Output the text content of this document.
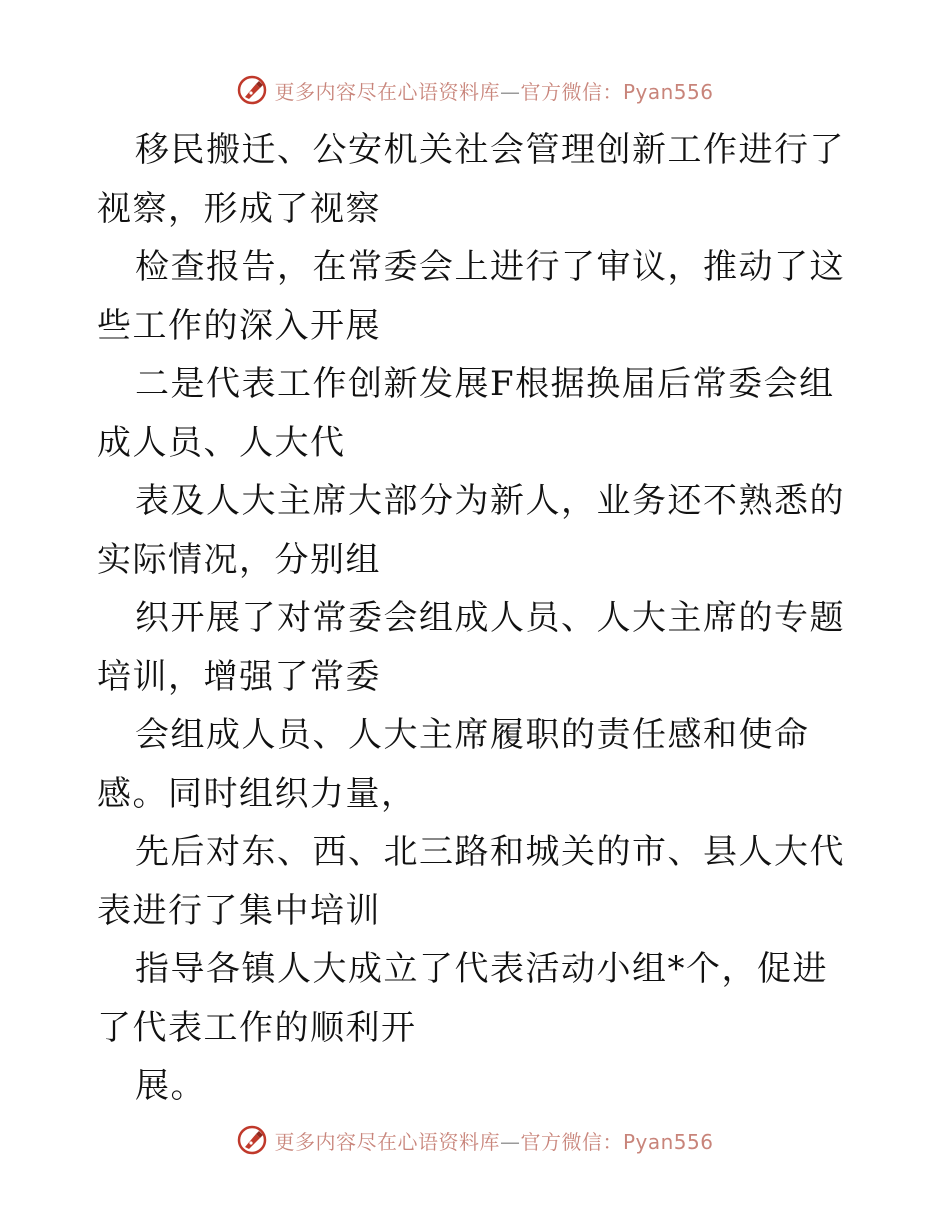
更多内容尽在心语资料库—官方微信：Pyan556

移民搬迁、公安机关社会管理创新工作进行了视察，形成了视察

检查报告，在常委会上进行了审议，推动了这些工作的深入开展

二是代表工作创新发展F根据换届后常委会组成人员、人大代

表及人大主席大部分为新人，业务还不熟悉的实际情况，分别组

织开展了对常委会组成人员、人大主席的专题培训，增强了常委

会组成人员、人大主席履职的责任感和使命感。同时组织力量，

先后对东、西、北三路和城关的市、县人大代表进行了集中培训

指导各镇人大成立了代表活动小组*个，促进了代表工作的顺利开

展。

更多内容尽在心语资料库—官方微信：Pyan556
